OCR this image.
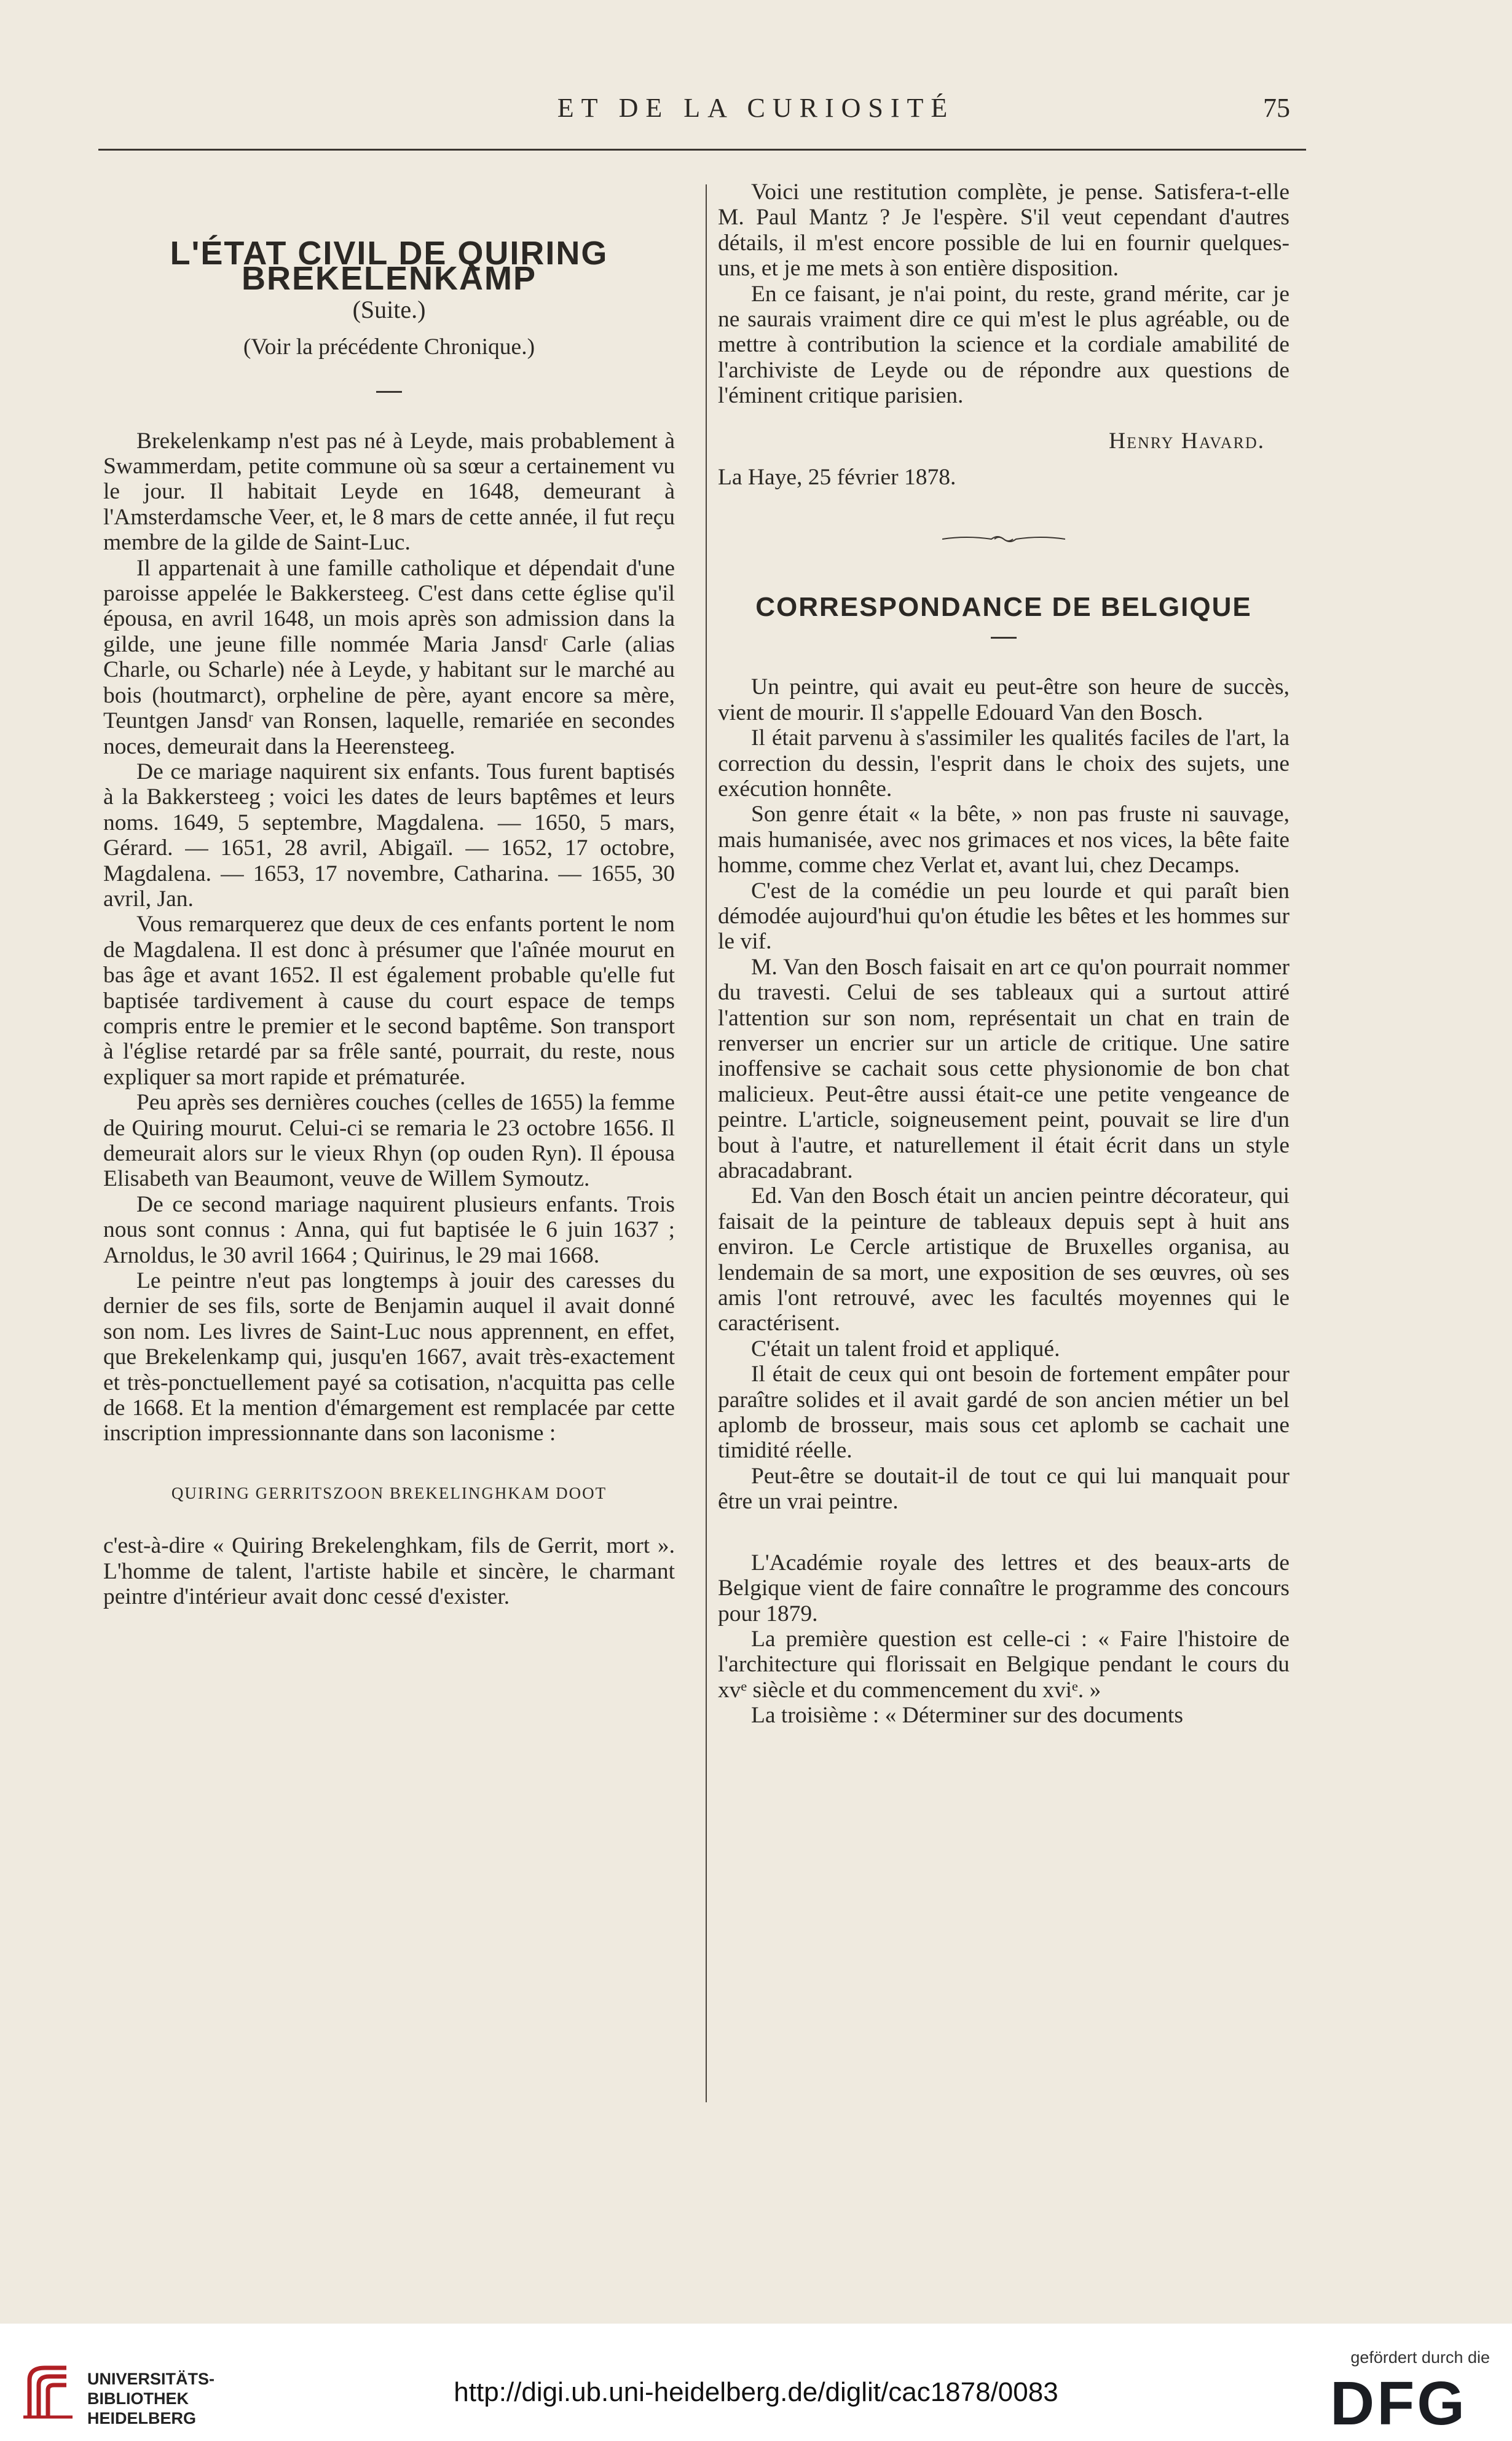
ET DE LA CURIOSITÉ	75
L'ÉTAT CIVIL DE QUIRING BREKELENKAMP
(Suite.)
(Voir la précédente Chronique.)

Brekelenkamp n'est pas né à Leyde, mais probablement à Swammerdam, petite commune où sa sœur a certainement vu le jour. Il habitait Leyde en 1648, demeurant à l'Amsterdamsche Veer, et, le 8 mars de cette année, il fut reçu membre de la gilde de Saint-Luc.

Il appartenait à une famille catholique et dépendait d'une paroisse appelée le Bakkersteeg. C'est dans cette église qu'il épousa, en avril 1648, un mois après son admission dans la gilde, une jeune fille nommée Maria Jansdʳ Carle (alias Charle, ou Scharle) née à Leyde, y habitant sur le marché au bois (houtmarct), orpheline de père, ayant encore sa mère, Teuntgen Jansdʳ van Ronsen, laquelle, remariée en secondes noces, demeurait dans la Heerensteeg.

De ce mariage naquirent six enfants. Tous furent baptisés à la Bakkersteeg ; voici les dates de leurs baptêmes et leurs noms. 1649, 5 septembre, Magdalena. — 1650, 5 mars, Gérard. — 1651, 28 avril, Abigaïl. — 1652, 17 octobre, Magdalena. — 1653, 17 novembre, Catharina. — 1655, 30 avril, Jan.

Vous remarquerez que deux de ces enfants portent le nom de Magdalena. Il est donc à présumer que l'aînée mourut en bas âge et avant 1652. Il est également probable qu'elle fut baptisée tardivement à cause du court espace de temps compris entre le premier et le second baptême. Son transport à l'église retardé par sa frêle santé, pourrait, du reste, nous expliquer sa mort rapide et prématurée.

Peu après ses dernières couches (celles de 1655) la femme de Quiring mourut. Celui-ci se remaria le 23 octobre 1656. Il demeurait alors sur le vieux Rhyn (op ouden Ryn). Il épousa Elisabeth van Beaumont, veuve de Willem Symoutz.

De ce second mariage naquirent plusieurs enfants. Trois nous sont connus : Anna, qui fut baptisée le 6 juin 1637 ; Arnoldus, le 30 avril 1664 ; Quirinus, le 29 mai 1668.

Le peintre n'eut pas longtemps à jouir des caresses du dernier de ses fils, sorte de Benjamin auquel il avait donné son nom. Les livres de Saint-Luc nous apprennent, en effet, que Brekelenkamp qui, jusqu'en 1667, avait très-exactement et très-ponctuellement payé sa cotisation, n'acquitta pas celle de 1668. Et la mention d'émargement est remplacée par cette inscription impressionnante dans son laconisme :

QUIRING GERRITSZOON BREKELINGHKAM DOOT

c'est-à-dire « Quiring Brekelenghkam, fils de Gerrit, mort ». L'homme de talent, l'artiste habile et sincère, le charmant peintre d'intérieur avait donc cessé d'exister.

Voici une restitution complète, je pense. Satisfera-t-elle M. Paul Mantz ? Je l'espère. S'il veut cependant d'autres détails, il m'est encore possible de lui en fournir quelques-uns, et je me mets à son entière disposition.

En ce faisant, je n'ai point, du reste, grand mérite, car je ne saurais vraiment dire ce qui m'est le plus agréable, ou de mettre à contribution la science et la cordiale amabilité de l'archiviste de Leyde ou de répondre aux questions de l'éminent critique parisien.

Henry Havard.
La Haye, 25 février 1878.
CORRESPONDANCE DE BELGIQUE

Un peintre, qui avait eu peut-être son heure de succès, vient de mourir. Il s'appelle Edouard Van den Bosch.

Il était parvenu à s'assimiler les qualités faciles de l'art, la correction du dessin, l'esprit dans le choix des sujets, une exécution honnête.

Son genre était « la bête, » non pas fruste ni sauvage, mais humanisée, avec nos grimaces et nos vices, la bête faite homme, comme chez Verlat et, avant lui, chez Decamps.

C'est de la comédie un peu lourde et qui paraît bien démodée aujourd'hui qu'on étudie les bêtes et les hommes sur le vif.

M. Van den Bosch faisait en art ce qu'on pourrait nommer du travesti. Celui de ses tableaux qui a surtout attiré l'attention sur son nom, représentait un chat en train de renverser un encrier sur un article de critique. Une satire inoffensive se cachait sous cette physionomie de bon chat malicieux. Peut-être aussi était-ce une petite vengeance de peintre. L'article, soigneusement peint, pouvait se lire d'un bout à l'autre, et naturellement il était écrit dans un style abracadabrant.

Ed. Van den Bosch était un ancien peintre décorateur, qui faisait de la peinture de tableaux depuis sept à huit ans environ. Le Cercle artistique de Bruxelles organisa, au lendemain de sa mort, une exposition de ses œuvres, où ses amis l'ont retrouvé, avec les facultés moyennes qui le caractérisent.

C'était un talent froid et appliqué.

Il était de ceux qui ont besoin de fortement empâter pour paraître solides et il avait gardé de son ancien métier un bel aplomb de brosseur, mais sous cet aplomb se cachait une timidité réelle.

Peut-être se doutait-il de tout ce qui lui manquait pour être un vrai peintre.

L'Académie royale des lettres et des beaux-arts de Belgique vient de faire connaître le programme des concours pour 1879.

La première question est celle-ci : « Faire l'histoire de l'architecture qui florissait en Belgique pendant le cours du xvᵉ siècle et du commencement du xviᵉ. »

La troisième : « Déterminer sur des documents

UNIVERSITÄTS-
BIBLIOTHEK
HEIDELBERG
http://digi.ub.uni-heidelberg.de/diglit/cac1878/0083
gefördert durch die
DFG
